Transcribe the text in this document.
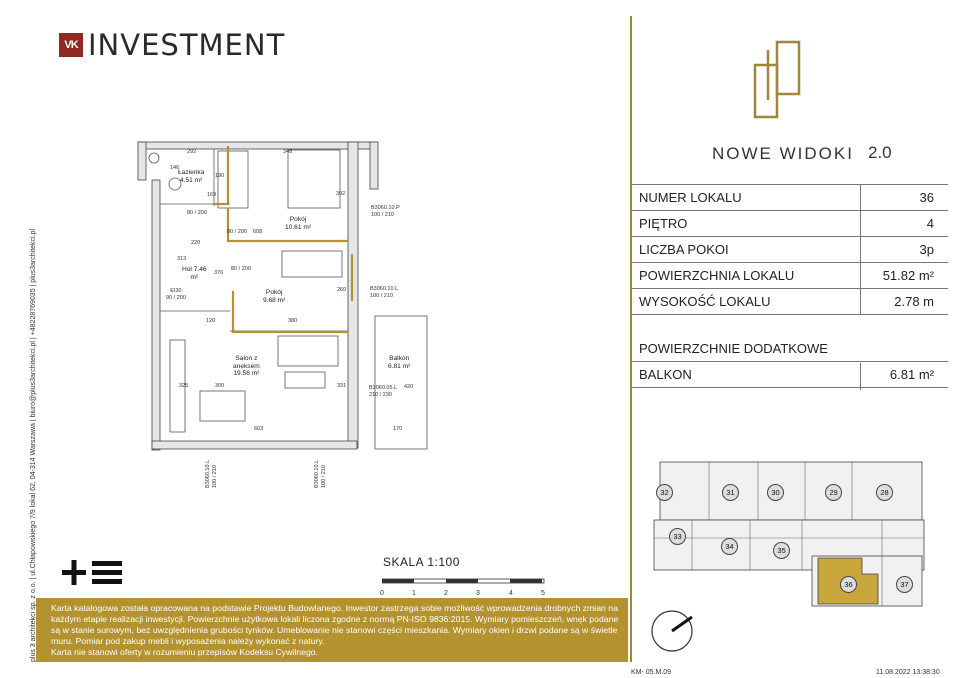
VK INVESTMENT
NOWE WIDOKI 2.0
NUMER LOKALU	36
PIĘTRO	4
LICZBA POKOI	3p
POWIERZCHNIA LOKALU	51.82 m²
WYSOKOŚĆ LOKALU	2.78 m
POWIERZCHNIE DODATKOWE
BALKON	6.81 m²
Łazienka
4.51 m²
Pokój
10.61 m²
Hol 7.46
m²
Pokój
9.68 m²
Salon z
aneksem
19.56 m²
Balkon
6.81 m²
292	348
146
169
190
302
80 / 200
80 / 200 608
220
313
376
80 / 200
260
380
120
325	300	331	420
170
603
B3060.10.P
100 / 210
B3060.10.L
100 / 210
B3060.05.L
210 / 230
B3060.10.L
100 / 210	B3060.10.L
100 / 210
EI30
90 / 200
SKALA 1:100
0	1	2	3	4	5
32	31	30	29	28
33
34	35
36	37
Karta katalogowa została opracowana na podstawie Projektu Budowlanego. Inwestor zastrzega sobie możliwość wprowadzenia drobnych zmian na każdym etapie realizacji inwestycji. Powierzchnie użytkowa lokali liczona zgodne z normą PN-ISO 9836:2015. Wymiary pomieszczeń, wnęk podane są w stanie surowym, bez uwzględnienia grubości tynków. Umeblowanie nie stanowi części mieszkania. Wymiary okien i drzwi podane są w świetle muru. Pomiar pod zakup mebli i wyposażenia należy wykonać z natury.
Karta nie stanowi oferty w rozumieniu przepisów Kodeksu Cywilnego.
plus 3 architekci sp. z o.o. | ul.Chłapowskiego 7/9 lokal 62, 04-314 Warszawa | biuro@plus3architekci.pl | +48228769035 | plus3architekci.pl
KM- 05.M.09	11.08.2022 13:38:30
